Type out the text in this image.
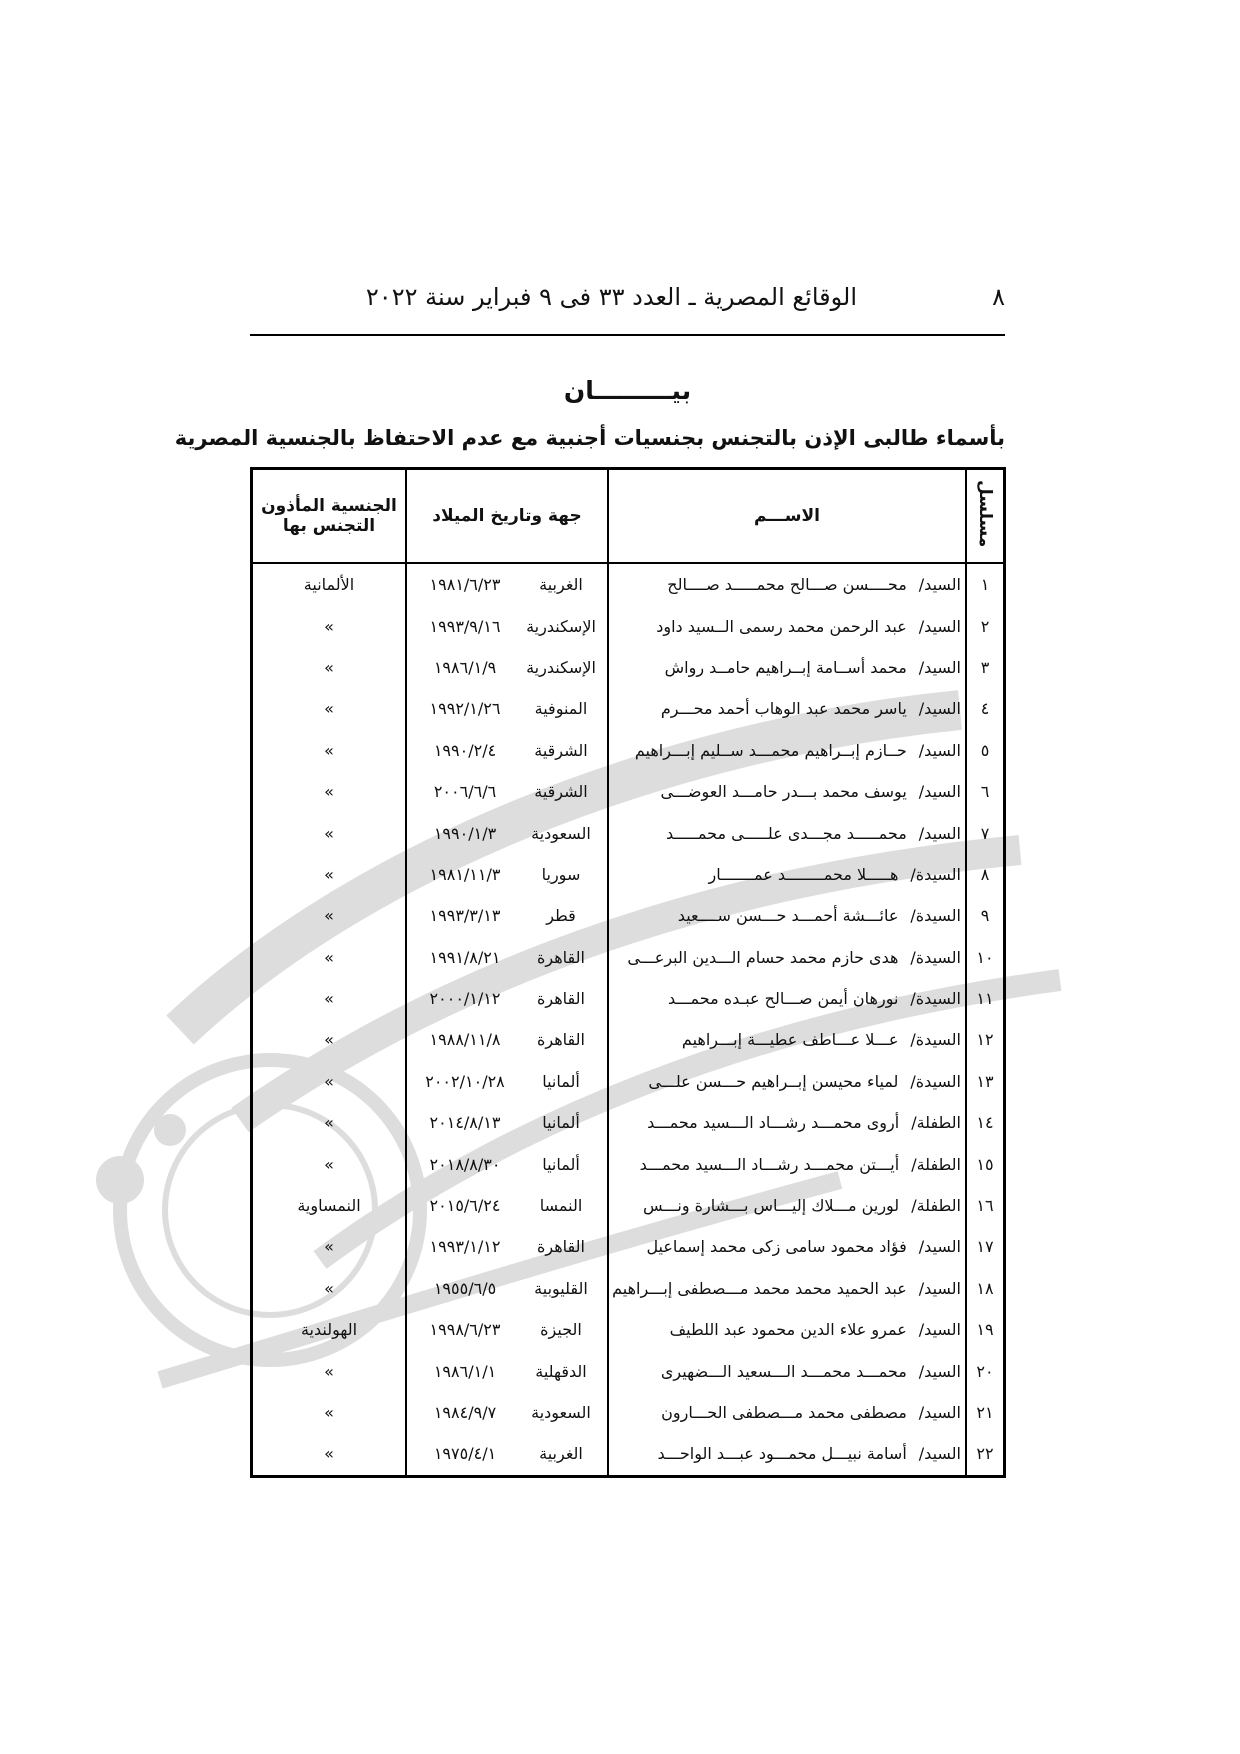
٨
الوقائع المصرية ـ العدد ٣٣ فى ٩ فبراير سنة ٢٠٢٢
بيـــــــــان
بأسماء طالبى الإذن بالتجنس بجنسيات أجنبية مع عدم الاحتفاظ بالجنسية المصرية
مسلسل	الاســـم	جهة وتاريخ الميلاد	الجنسية المأذون
التجنس بها

١	السيد/محــــسن صـــالح محمـــــد صــــالح	الغربية١٩٨١/٦/٢٣	الألمانية
٢	السيد/عبد الرحمن محمد رسمى الــسيد داود	الإسكندرية١٩٩٣/٩/١٦	»
٣	السيد/محمد أســامة إبــراهيم حامــد رواش	الإسكندرية١٩٨٦/١/٩	»
٤	السيد/ياسر محمد عبد الوهاب أحمد محـــرم	المنوفية١٩٩٢/١/٢٦	»
٥	السيد/حــازم إبــراهيم محمـــد ســليم إبـــراهيم	الشرقية١٩٩٠/٢/٤	»
٦	السيد/يوسف محمد بـــدر حامـــد العوضـــى	الشرقية٢٠٠٦/٦/٦	»
٧	السيد/محمـــــد مجـــدى علـــــى محمـــــد	السعودية١٩٩٠/١/٣	»
٨	السيدة/هـــــلا محمــــــــد عمـــــــار	سوريا١٩٨١/١١/٣	»
٩	السيدة/عائـــشة أحمـــد حـــسن ســــعيد	قطر١٩٩٣/٣/١٣	»
١٠	السيدة/هدى حازم محمد حسام الـــدين البرعـــى	القاهرة١٩٩١/٨/٢١	»
١١	السيدة/نورهان أيمن صـــالح عبـده محمـــد	القاهرة٢٠٠٠/١/١٢	»
١٢	السيدة/عـــلا عـــاطف عطيـــة إبـــراهيم	القاهرة١٩٨٨/١١/٨	»
١٣	السيدة/لمياء محيسن إبــراهيم حـــسن علـــى	ألمانيا٢٠٠٢/١٠/٢٨	»
١٤	الطفلة/أروى محمـــد رشـــاد الـــسيد محمـــد	ألمانيا٢٠١٤/٨/١٣	»
١٥	الطفلة/أيـــتن محمـــد رشـــاد الـــسيد محمـــد	ألمانيا٢٠١٨/٨/٣٠	»
١٦	الطفلة/لورين مـــلاك إليـــاس بـــشارة ونـــس	النمسا٢٠١٥/٦/٢٤	النمساوية
١٧	السيد/فؤاد محمود سامى زكى محمد إسماعيل	القاهرة١٩٩٣/١/١٢	»
١٨	السيد/عبد الحميد محمد محمد مـــصطفى إبـــراهيم	القليوبية١٩٥٥/٦/٥	»
١٩	السيد/عمرو علاء الدين محمود عبد اللطيف	الجيزة١٩٩٨/٦/٢٣	الهولندية
٢٠	السيد/محمـــد محمـــد الـــسعيد الـــضهيرى	الدقهلية١٩٨٦/١/١	»
٢١	السيد/مصطفى محمد مـــصطفى الحـــارون	السعودية١٩٨٤/٩/٧	»
٢٢	السيد/أسامة نبيـــل محمـــود عبـــد الواحـــد	الغربية١٩٧٥/٤/١	»
